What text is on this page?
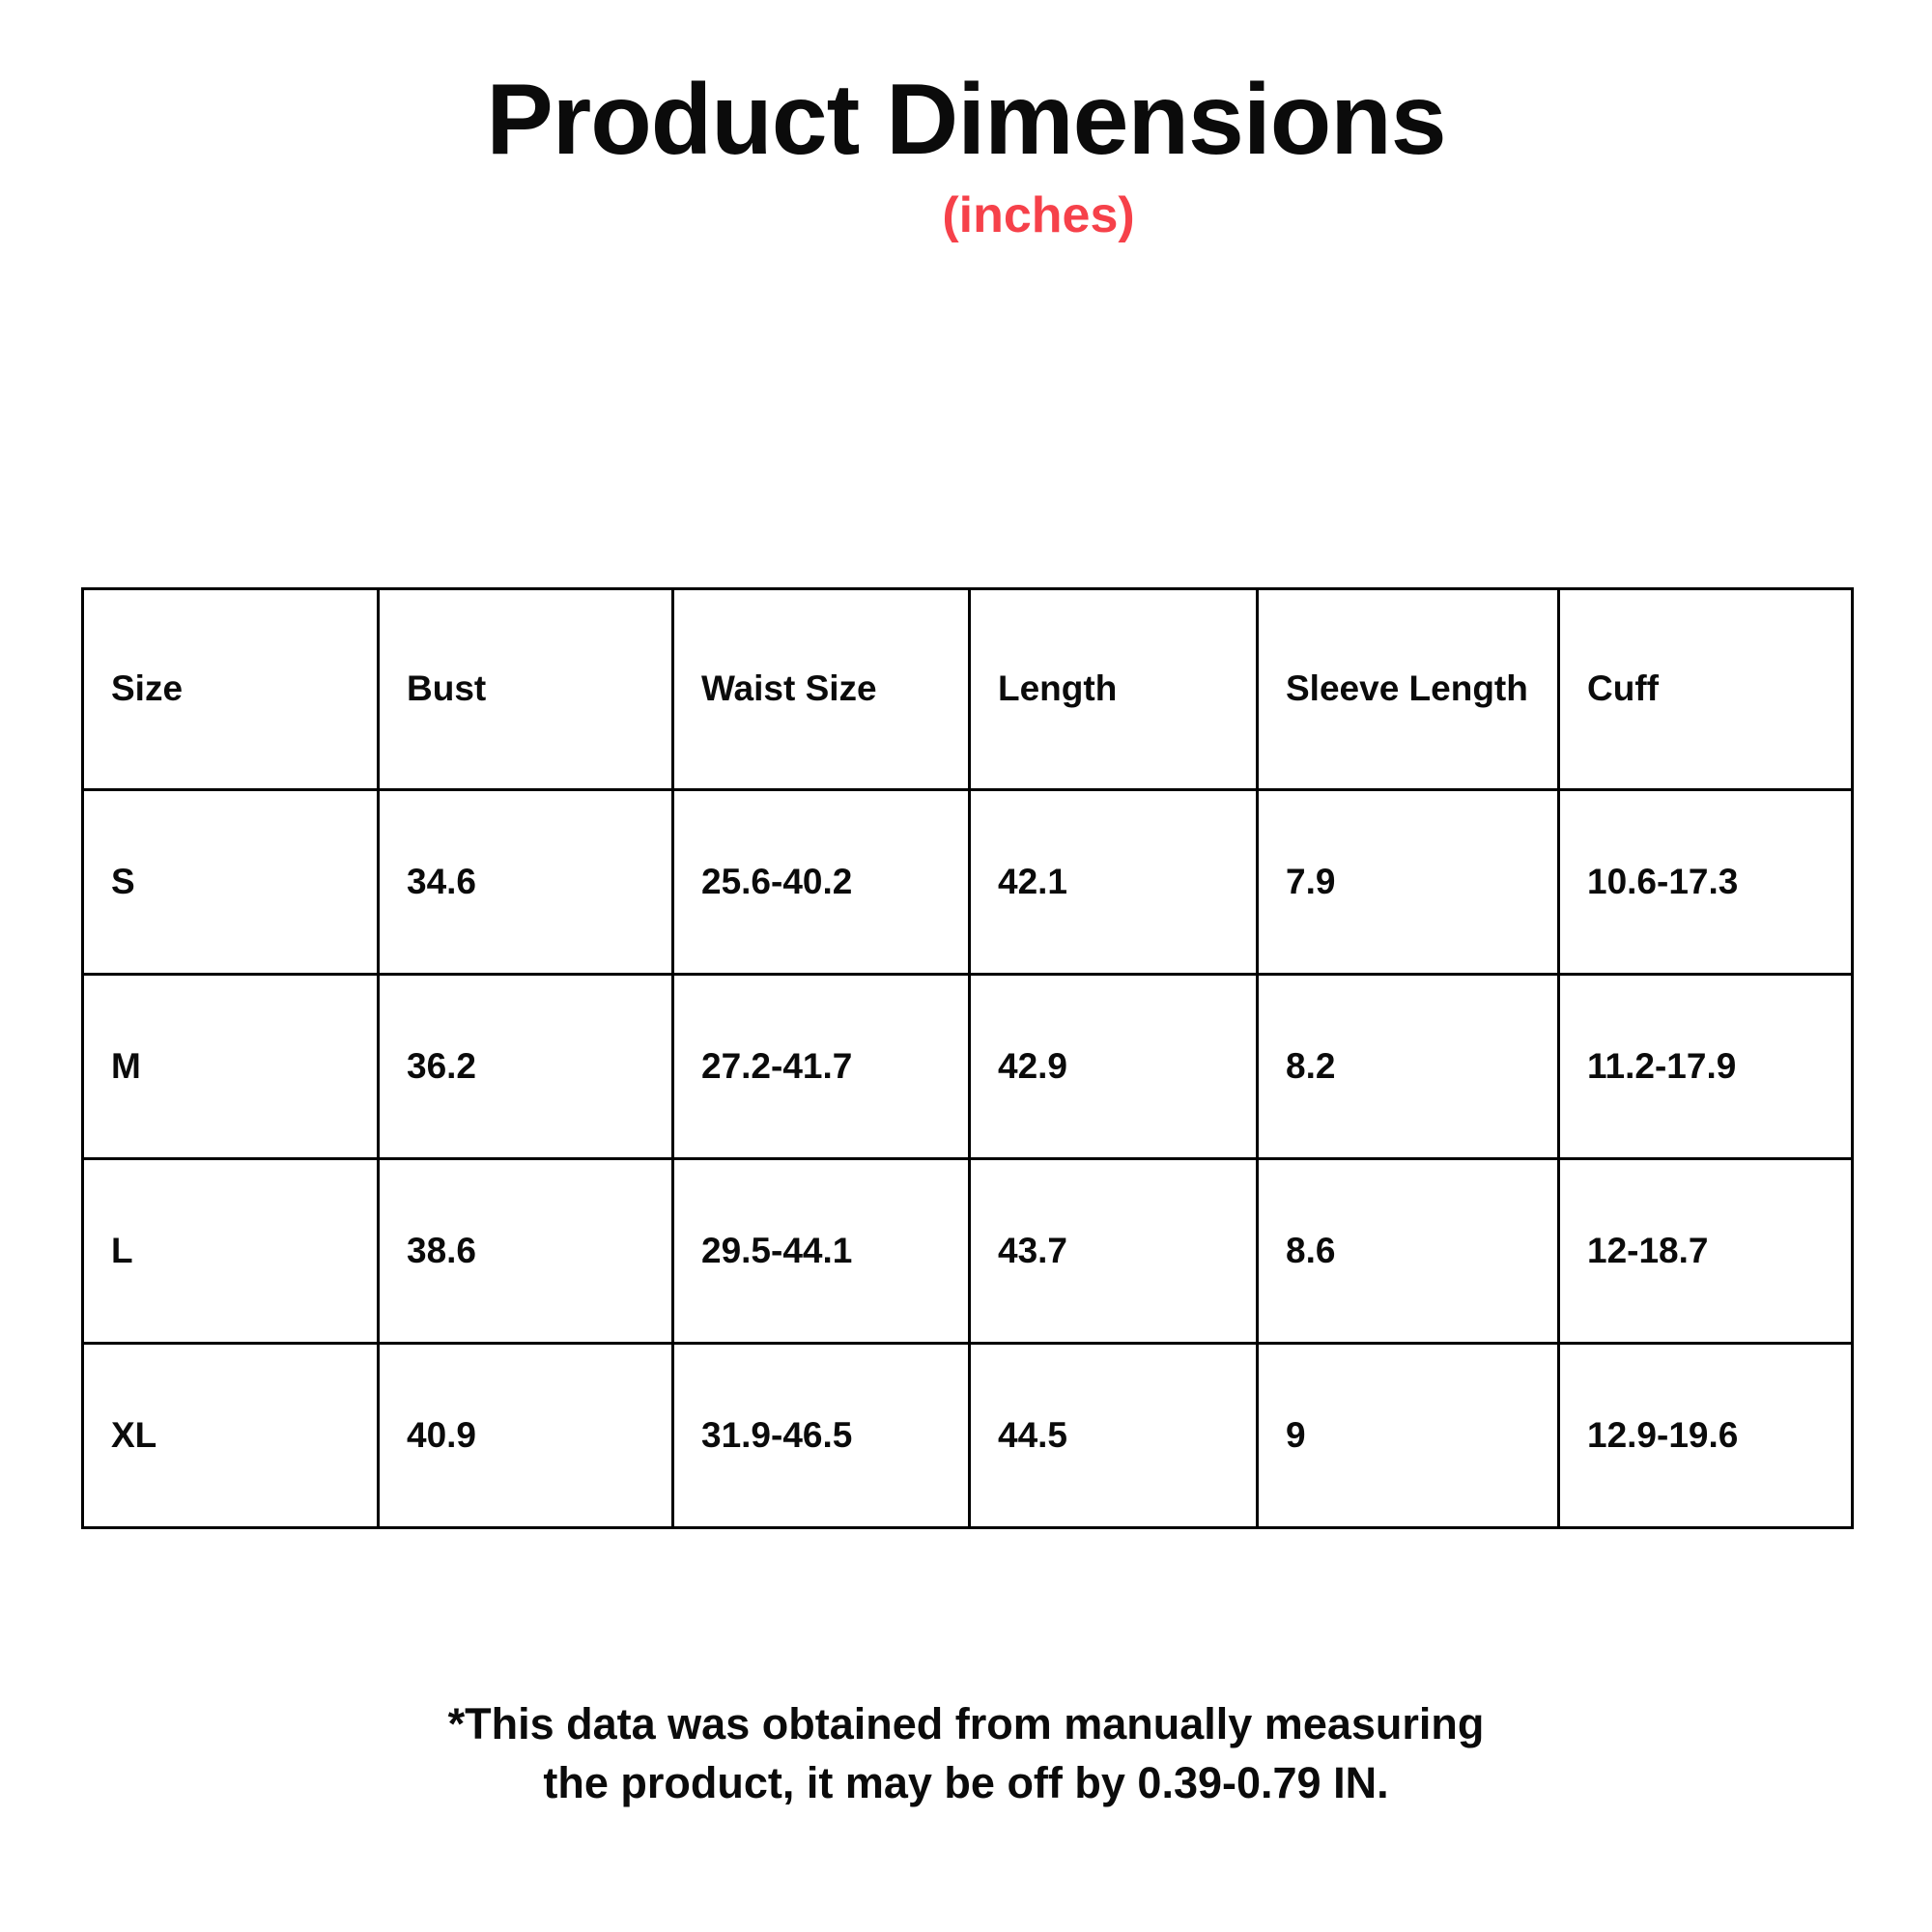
Product Dimensions
(inches)
Size	Bust	Waist Size	Length	Sleeve Length	Cuff
S	34.6	25.6-40.2	42.1	7.9	10.6-17.3
M	36.2	27.2-41.7	42.9	8.2	11.2-17.9
L	38.6	29.5-44.1	43.7	8.6	12-18.7
XL	40.9	31.9-46.5	44.5	9	12.9-19.6
*This data was obtained from manually measuring
the product, it may be off by 0.39-0.79 IN.
